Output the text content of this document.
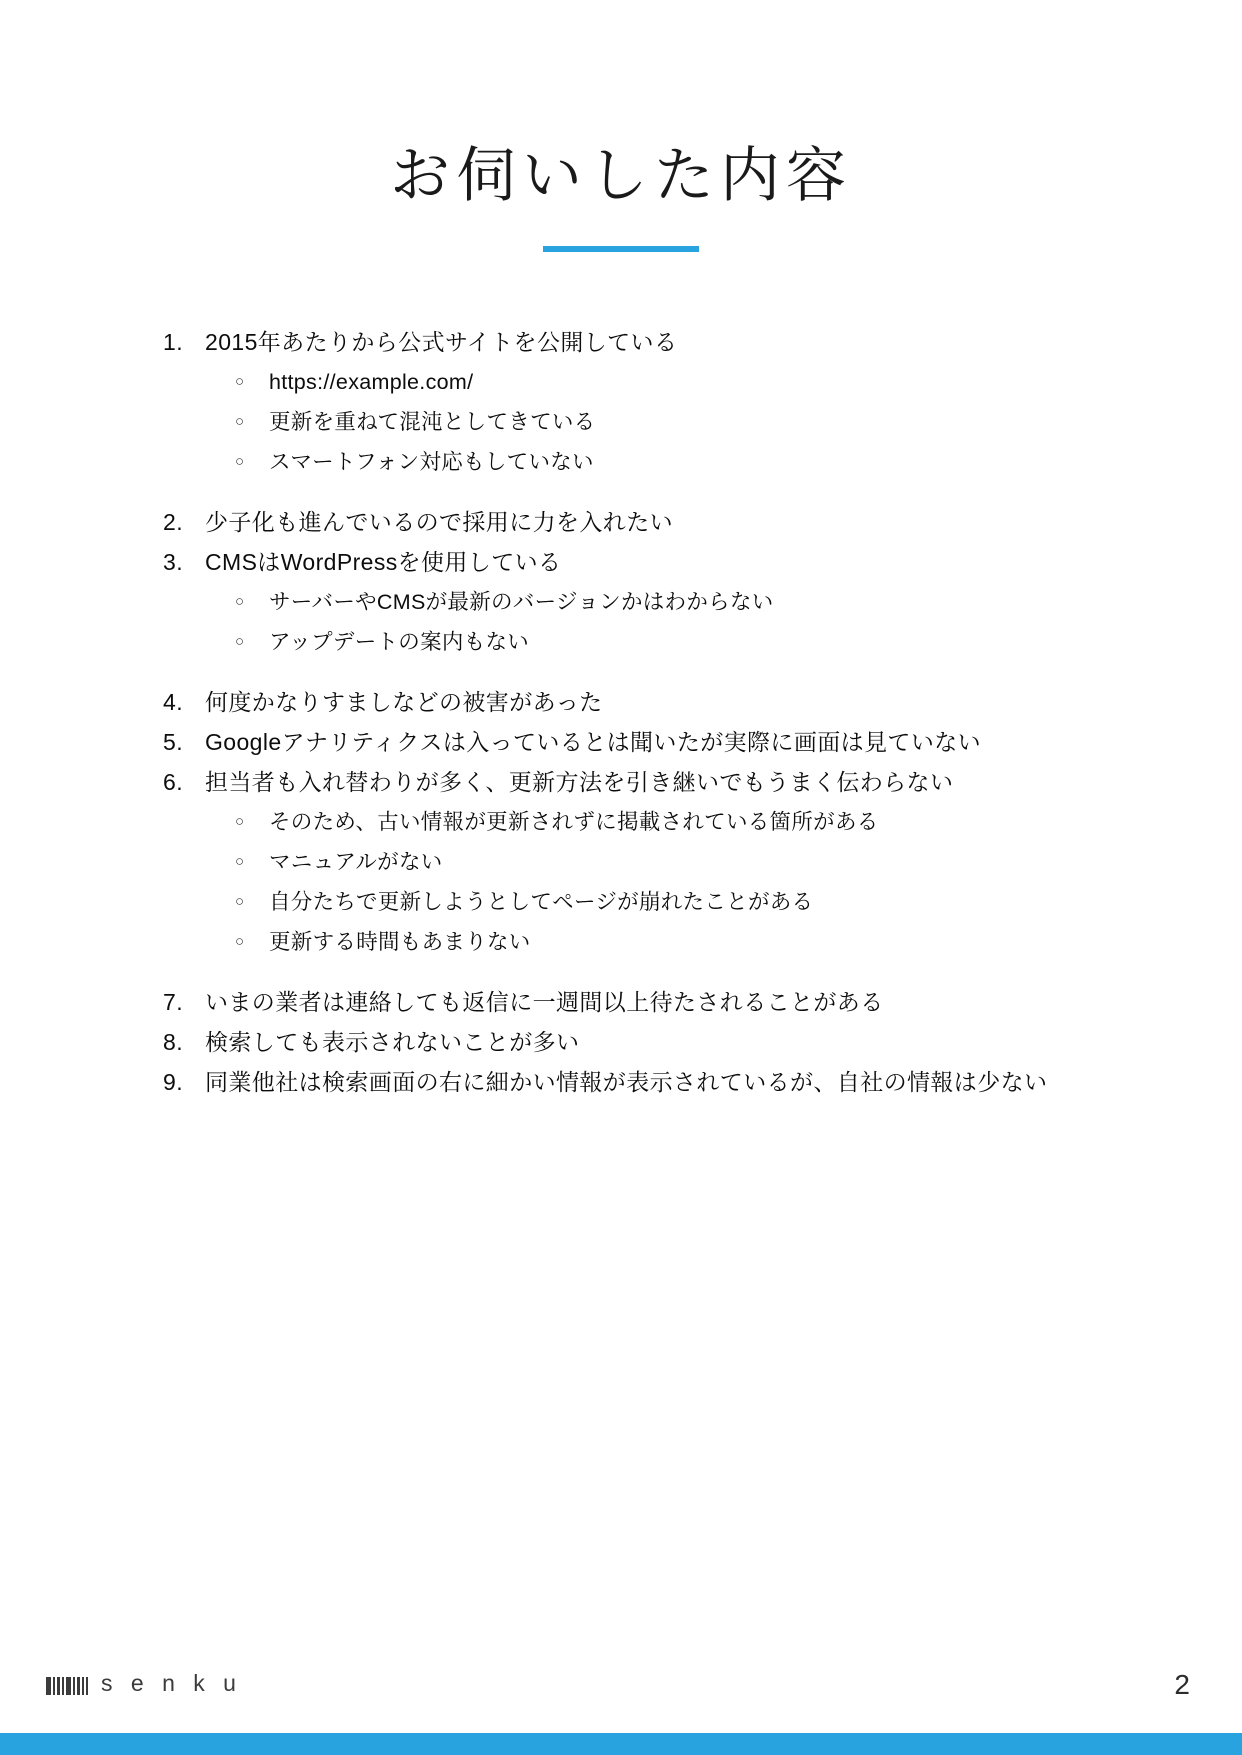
お伺いした内容
1. 2015年あたりから公式サイトを公開している
○	https://example.com/
○	更新を重ねて混沌としてきている
○	スマートフォン対応もしていない
2. 少子化も進んでいるので採用に力を入れたい
3. CMSはWordPressを使用している
○	サーバーやCMSが最新のバージョンかはわからない
○	アップデートの案内もない
4. 何度かなりすましなどの被害があった
5. Googleアナリティクスは入っているとは聞いたが実際に画面は見ていない
6. 担当者も入れ替わりが多く、更新方法を引き継いでもうまく伝わらない
○	そのため、古い情報が更新されずに掲載されている箇所がある
○	マニュアルがない
○	自分たちで更新しようとしてページが崩れたことがある
○	更新する時間もあまりない
7. いまの業者は連絡しても返信に一週間以上待たされることがある
8. 検索しても表示されないことが多い
9. 同業他社は検索画面の右に細かい情報が表示されているが、自社の情報は少ない
s e n k u	2
